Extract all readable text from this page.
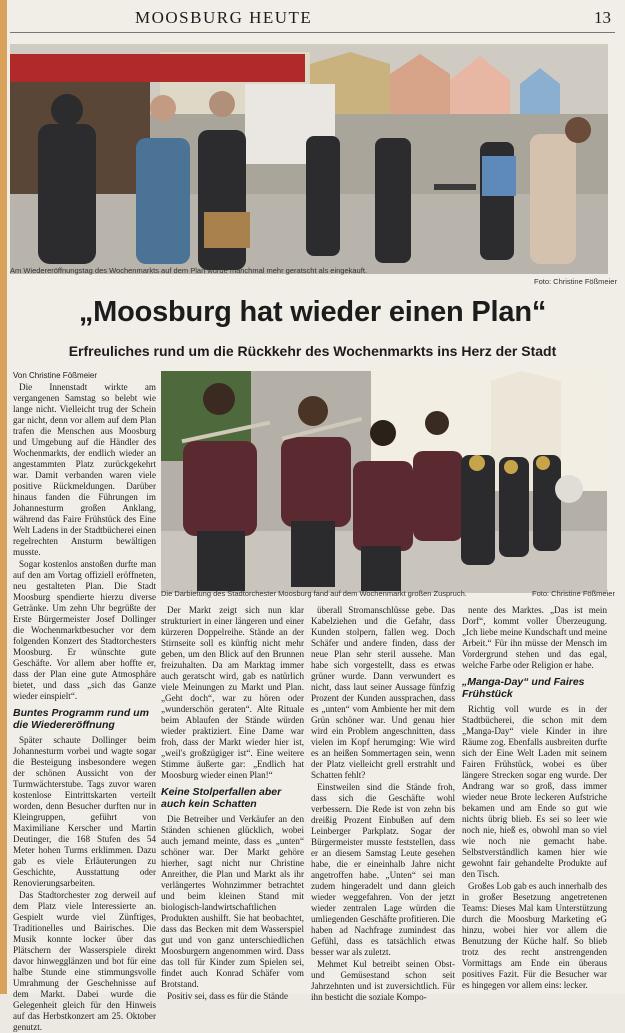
MOOSBURG HEUTE	13
Am Wiedereröffnungstag des Wochenmarkts auf dem Plan wurde manchmal mehr geratscht als eingekauft.
Foto: Christine Fößmeier
„Moosburg hat wieder einen Plan“
Erfreuliches rund um die Rückkehr des Wochenmarkts ins Herz der Stadt
Von Christine Fößmeier
Die Darbietung des Stadtorchester Moosburg fand auf dem Wochenmarkt großen Zuspruch.	Foto: Christine Fößmeier

Die Innenstadt wirkte am vergangenen Samstag so belebt wie lange nicht. Vielleicht trug der Schein gar nicht, denn vor allem auf dem Plan trafen die Menschen aus Moosburg und Umgebung auf die Händler des Wochenmarkts, der endlich wieder an angestammten Platz zurückgekehrt war. Damit verbanden waren viele positive Rückmeldungen. Darüber hinaus fanden die Führungen im Johannesturm großen Anklang, während das Faire Frühstück des Eine Welt Ladens in der Stadtbücherei einen regelrechten Ansturm bewältigen musste.

Sogar kostenlos anstoßen durfte man auf den am Vortag offiziell eröffneten, neu gestalteten Plan. Die Stadt Moosburg spendierte hierzu diverse Getränke. Um zehn Uhr begrüßte der Erste Bürgermeister Josef Dollinger die Wochenmarktbesucher vor dem folgenden Konzert des Stadtorchesters Moosburg. Er wünschte gute Geschäfte. Vor allem aber hoffte er, dass der Plan eine gute Atmosphäre bietet, und dass „sich das Ganze wieder einspielt“.

Buntes Programm rund um die Wiedereröffnung

Später schaute Dollinger beim Johannesturm vorbei und wagte sogar die Besteigung insbesondere wegen der schönen Aussicht von der Turmwächterstube. Tags zuvor waren kostenlose Eintrittskarten verteilt worden, denn Besucher durften nur in Kleingruppen, geführt von Maximiliane Kerscher und Martin Deutinger, die 168 Stufen des 54 Meter hohen Turms erklimmen. Dazu gab es viele Erläuterungen zu Geschichte, Ausstattung oder Renovierungsarbeiten.

Das Stadtorchester zog derweil auf dem Platz viele Interessierte an. Gespielt wurde viel Zünftiges, Traditionelles und Bairisches. Die Musik konnte locker über das Plätschern der Wasserspiele direkt davor hinwegglänzen und bot für eine halbe Stunde eine stimmungsvolle Umrahmung der Geschehnisse auf dem Markt. Dabei wurde die Gelegenheit gleich für den Hinweis auf das Herbstkonzert am 25. Oktober genutzt.

Der Markt zeigt sich nun klar strukturiert in einer längeren und einer kürzeren Doppelreihe. Stände an der Stirnseite soll es künftig nicht mehr geben, um den Blick auf den Brunnen freizuhalten. Da am Marktag immer auch geratscht wird, gab es natürlich viele Meinungen zu Markt und Plan. „Geht doch“, war zu hören oder „wunderschön geraten“. Alte Rituale beim Ablaufen der Stände würden wieder praktiziert. Eine Dame war froh, dass der Markt wieder hier ist, „weil's großzügiger ist“. Eine weitere Stimme äußerte gar: „Endlich hat Moosburg wieder einen Plan!“

Keine Stolperfallen aber auch kein Schatten

Die Betreiber und Verkäufer an den Ständen schienen glücklich, wobei auch jemand meinte, dass es „unten“ schöner war. Der Markt gehöre hierher, sagt nicht nur Christine Anreither, die Plan und Markt als ihr verlängertes Wohnzimmer betrachtet und beim kleinen Stand mit biologisch-landwirtschaftlichen Produkten aushilft. Sie hat beobachtet, dass das Becken mit dem Wasserspiel gut und von ganz unterschiedlichen Moosburgern angenommen wird. Dass das toll für Kinder zum Spielen sei, findet auch Konrad Schäfer vom Brotstand.

Positiv sei, dass es für die Stände

überall Stromanschlüsse gebe. Das Kabelziehen und die Gefahr, dass Kunden stolpern, fallen weg. Doch Schäfer und andere finden, dass der neue Plan sehr steril aussehe. Man habe sich vorgestellt, dass es etwas grüner wurde. Dann verwundert es nicht, dass laut seiner Aussage fünfzig Prozent der Kunden aussprachen, dass es „unten“ vom Ambiente her mit dem Grün schöner war. Und genau hier wird ein Problem angeschnitten, dass vielen im Kopf herumging: Wie wird es an heißen Sommertagen sein, wenn der Platz vielleicht grell erstrahlt und Schatten fehlt?

Einstweilen sind die Stände froh, dass sich die Geschäfte wohl verbessern. Die Rede ist von zehn bis dreißig Prozent Einbußen auf dem Leinberger Parkplatz. Sogar der Bürgermeister musste feststellen, dass er an diesem Samstag Leute gesehen habe, die er eineinhalb Jahre nicht angetroffen habe. „Unten“ sei man zudem hingeradelt und dann gleich wieder weggefahren. Von der jetzt wieder zentralen Lage würden die umliegenden Geschäfte profitieren. Die haben ad Nachfrage zumindest das Gefühl, dass es tatsächlich etwas besser war als zuletzt.

Mehmet Kul betreibt seinen Obst- und Gemüsestand schon seit Jahrzehnten und ist zuversichtlich. Für ihn besticht die soziale Kompo-

nente des Marktes. „Das ist mein Dorf“, kommt voller Überzeugung. „Ich liebe meine Kundschaft und meine Arbeit.“ Für ihn müsse der Mensch im Vordergrund stehen und das egal, welche Farbe oder Religion er habe.

„Manga-Day“ und Faires Frühstück

Richtig voll wurde es in der Stadtbücherei, die schon mit dem „Manga-Day“ viele Kinder in ihre Räume zog. Ebenfalls ausbreiten durfte sich der Eine Welt Laden mit seinem Fairen Frühstück, wobei es über längere Strecken sogar eng wurde. Der Andrang war so groß, dass immer wieder neue Brote leckeren Aufstriche bekamen und am Ende so gut wie nichts übrig blieb. Es sei so leer wie noch nie, hieß es, obwohl man so viel wie noch nie gemacht habe. Selbstverständlich kamen hier wie gewohnt fair gehandelte Produkte auf den Tisch.

Großes Lob gab es auch innerhalb des in großer Besetzung angetretenen Teams: Dieses Mal kam Unterstützung durch die Moosburg Marketing eG hinzu, wobei hier vor allem die Benutzung der Küche half. So blieb trotz des recht anstrengenden Vormittags am Ende ein überaus positives Fazit. Für die Besucher war es hingegen vor allem eins: lecker.
